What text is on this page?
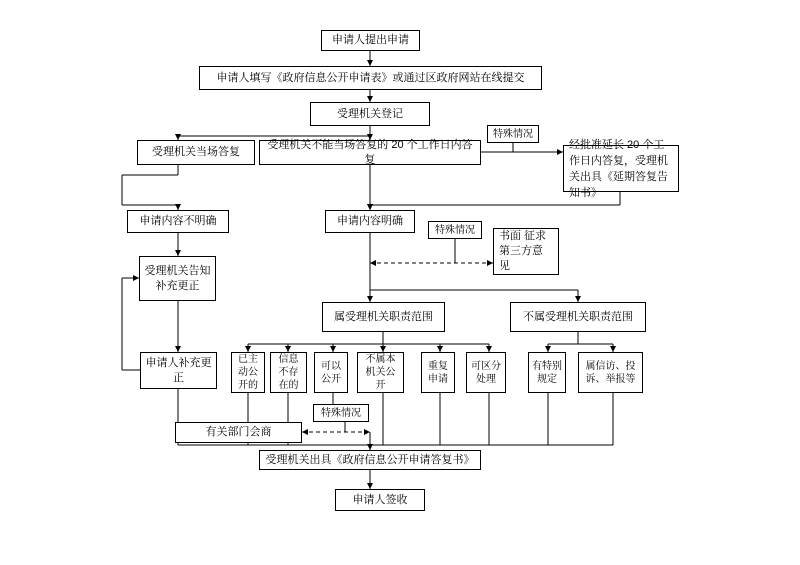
申请人提出申请
申请人填写《政府信息公开申请表》或通过区政府网站在线提交
受理机关登记
受理机关当场答复
受理机关不能当场答复的 20 个工作日内答复
特殊情况
经批准延长 20 个工作日内答复，受理机关出具《延期答复告知书》
申请内容不明确	申请内容明确
特殊情况	书面 征求 第三方意见
受理机关告知补充更正
属受理机关职责范围	不属受理机关职责范围
申请人补充更正
已主动公开的
信息不存在的
可以公开
不属本机关公开
重复申请
可区分处理
有特别规定
属信访、投诉、举报等
特殊情况
有关部门会商
受理机关出具《政府信息公开申请答复书》
申请人签收
